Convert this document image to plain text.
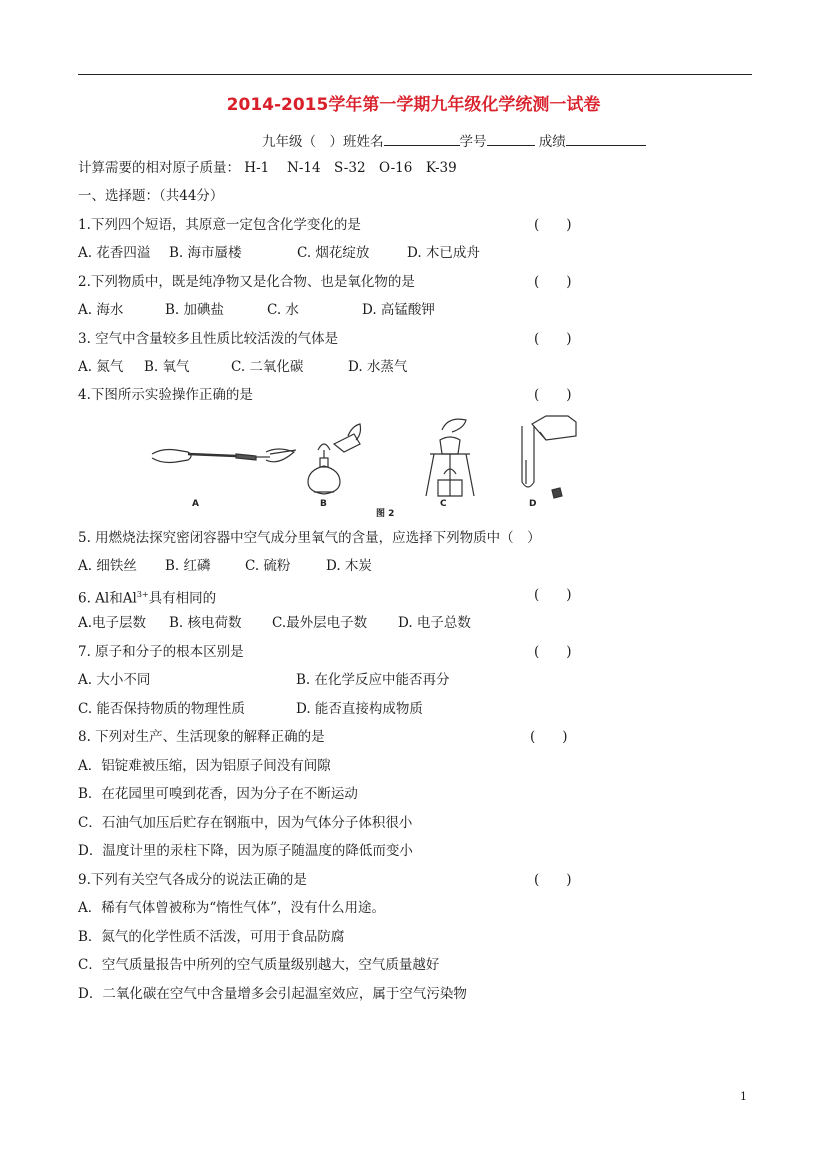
2014-2015学年第一学期九年级化学统测一试卷
九年级（　）班姓名	学号	成绩
计算需要的相对原子质量： H-1　 N-14　S-32　O-16　K-39
一、选择题：（共44分）
1.下列四个短语，其原意一定包含化学变化的是	(　　)
A. 花香四溢 B. 海市蜃楼	C. 烟花绽放	D. 木已成舟
2.下列物质中，既是纯净物又是化合物、也是氧化物的是	(　　)
A. 海水	B. 加碘盐	C. 水	D. 高锰酸钾
3. 空气中含量较多且性质比较活泼的气体是	(　　)
A. 氮气 B. 氧气	C. 二氧化碳	D. 水蒸气
4.下图所示实验操作正确的是	(　　)
A	B	C	D
图 2
5. 用燃烧法探究密闭容器中空气成分里氧气的含量，应选择下列物质中（　）
A. 细铁丝 B. 红磷	C. 硫粉	D. 木炭
6. Al和$Al^{3+}$具有相同的	(　　)
A.电子层数 B. 核电荷数 C.最外层电子数 D. 电子总数
7. 原子和分子的根本区别是	(　　)
A. 大小不同	B. 在化学反应中能否再分
C. 能否保持物质的物理性质	D. 能否直接构成物质
8. 下列对生产、生活现象的解释正确的是	(　　)
A．铝锭难被压缩，因为铝原子间没有间隙
B．在花园里可嗅到花香，因为分子在不断运动
C．石油气加压后贮存在钢瓶中，因为气体分子体积很小
D．温度计里的汞柱下降，因为原子随温度的降低而变小
9.下列有关空气各成分的说法正确的是	(　　)
A．稀有气体曾被称为“惰性气体”，没有什么用途。
B．氮气的化学性质不活泼，可用于食品防腐
C．空气质量报告中所列的空气质量级别越大，空气质量越好
D．二氧化碳在空气中含量增多会引起温室效应，属于空气污染物
1
